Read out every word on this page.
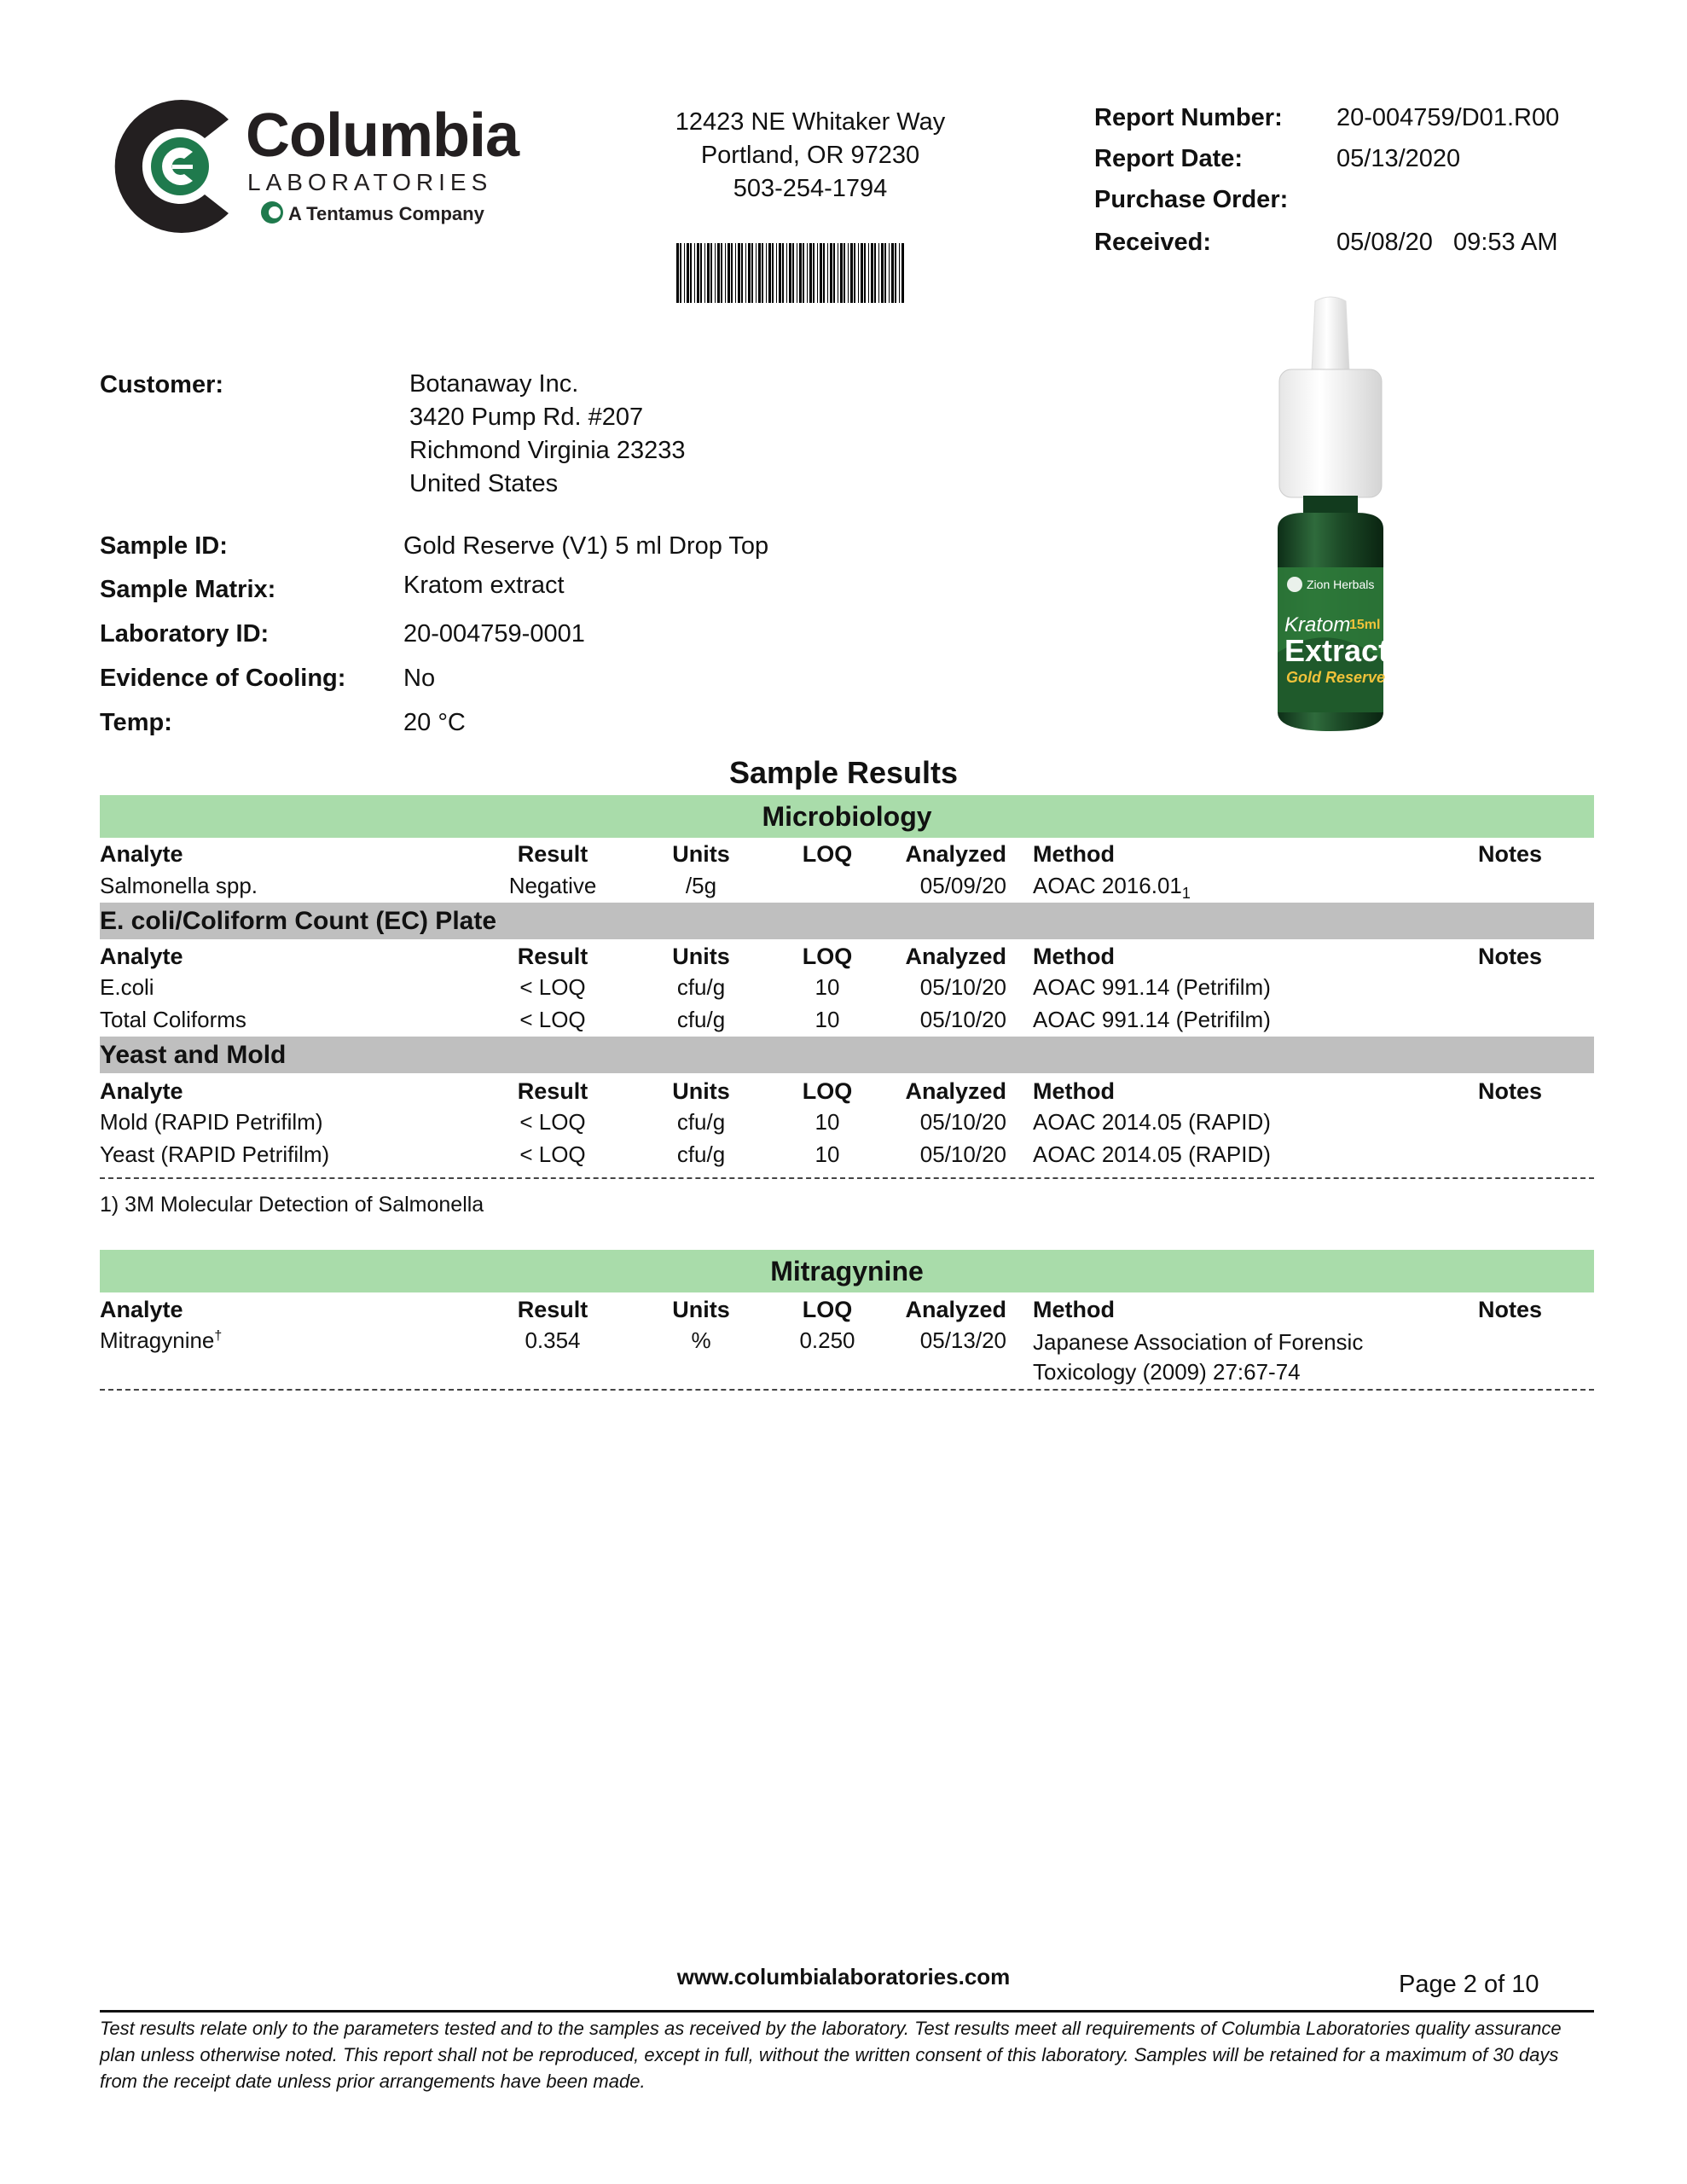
Columbia
LABORATORIES
A Tentamus Company
12423 NE Whitaker Way
Portland, OR 97230
503-254-1794
Report Number: 20-004759/D01.R00
Report Date:	05/13/2020
Purchase Order:
Received:	05/08/20   09:53 AM
Customer:	Botanaway Inc.
3420 Pump Rd. #207
Richmond Virginia 23233
United States
Sample ID:	Gold Reserve (V1) 5 ml Drop Top
Sample Matrix:	Kratom extract
Laboratory ID:	20-004759-0001
Evidence of Cooling: No
Temp:	20 °C
Zion Herbals
Kratom
15ml
Extract
Gold Reserve
Sample Results
Microbiology
Analyte	Result	Units	LOQ	Analyzed Method	Notes
Salmonella spp.	Negative	/5g	05/09/20 AOAC $2016.01_1$
E. coli/Coliform Count (EC) Plate
Analyte	Result	Units	LOQ	Analyzed Method	Notes
E.coli	< LOQ	cfu/g	10	05/10/20 AOAC 991.14 (Petrifilm)
Total Coliforms	< LOQ	cfu/g	10	05/10/20 AOAC 991.14 (Petrifilm)
Yeast and Mold
Analyte	Result	Units	LOQ	Analyzed Method	Notes
Mold (RAPID Petrifilm)	< LOQ	cfu/g	10	05/10/20 AOAC 2014.05 (RAPID)
Yeast (RAPID Petrifilm)	< LOQ	cfu/g	10	05/10/20 AOAC 2014.05 (RAPID)
1) 3M Molecular Detection of Salmonella
Mitragynine
Analyte	Result	Units	LOQ	Analyzed Method	Notes
Mitragynine†	0.354	%	0.250	05/13/20 Japanese Association of Forensic
Toxicology (2009) 27:67-74
www.columbialaboratories.com	Page 2 of 10
Test results relate only to the parameters tested and to the samples as received by the laboratory. Test results meet all requirements of Columbia Laboratories quality assurance plan unless otherwise noted. This report shall not be reproduced, except in full, without the written consent of this laboratory. Samples will be retained for a maximum of 30 days from the receipt date unless prior arrangements have been made.
